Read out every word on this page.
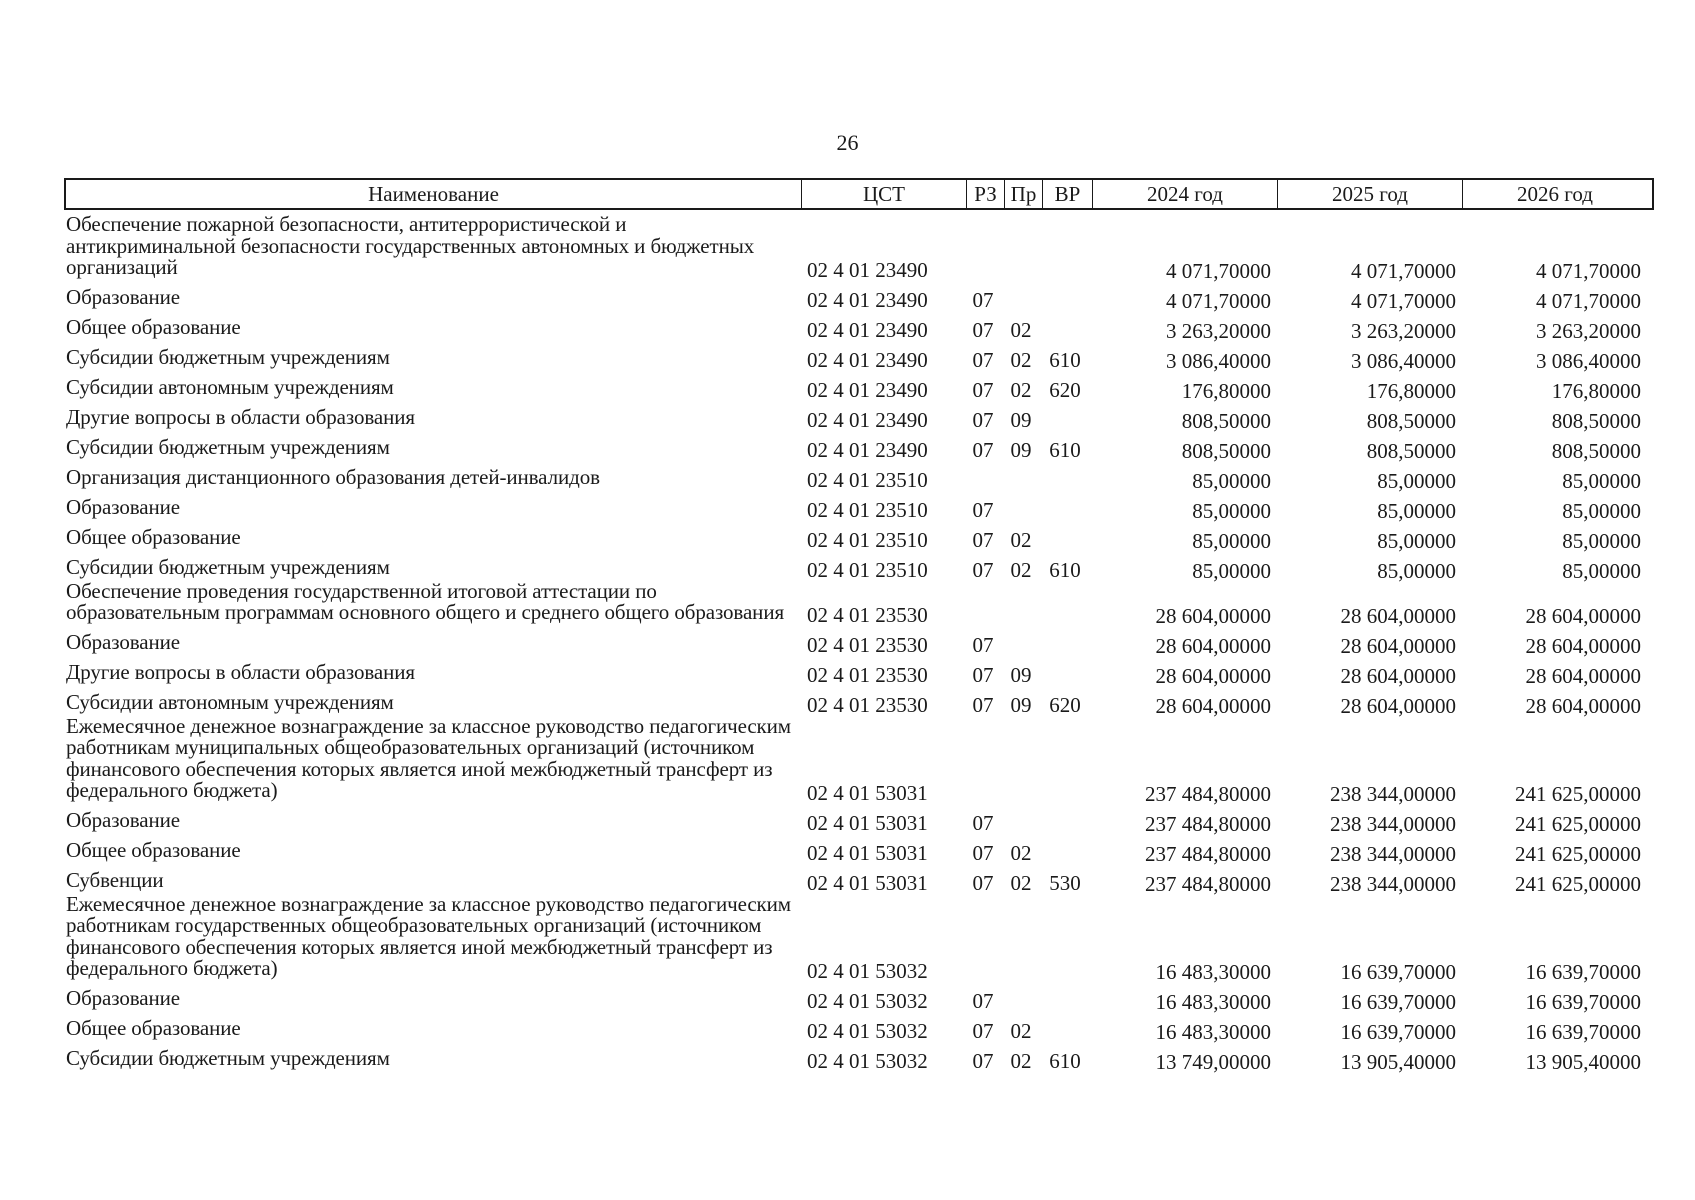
26
Наименование	ЦСТ	РЗ Пр ВР	2024 год	2025 год	2026 год
Обеспечение пожарной безопасности, антитеррористической и антикриминальной безопасности государственных автономных и бюджетных организаций	02 4 01 23490	4 071,70000	4 071,70000	4 071,70000
Образование	02 4 01 23490	07	4 071,70000	4 071,70000	4 071,70000
Общее образование	02 4 01 23490	07 02	3 263,20000	3 263,20000	3 263,20000
Субсидии бюджетным учреждениям	02 4 01 23490	07 02 610	3 086,40000	3 086,40000	3 086,40000
Субсидии автономным учреждениям	02 4 01 23490	07 02 620	176,80000	176,80000	176,80000
Другие вопросы в области образования	02 4 01 23490	07 09	808,50000	808,50000	808,50000
Субсидии бюджетным учреждениям	02 4 01 23490	07 09 610	808,50000	808,50000	808,50000
Организация дистанционного образования детей-инвалидов	02 4 01 23510	85,00000	85,00000	85,00000
Образование	02 4 01 23510	07	85,00000	85,00000	85,00000
Общее образование	02 4 01 23510	07 02	85,00000	85,00000	85,00000
Субсидии бюджетным учреждениям	02 4 01 23510	07 02 610	85,00000	85,00000	85,00000
Обеспечение проведения государственной итоговой аттестации по образовательным программам основного общего и среднего общего образования	02 4 01 23530	28 604,00000	28 604,00000	28 604,00000
Образование	02 4 01 23530	07	28 604,00000	28 604,00000	28 604,00000
Другие вопросы в области образования	02 4 01 23530	07 09	28 604,00000	28 604,00000	28 604,00000
Субсидии автономным учреждениям	02 4 01 23530	07 09 620	28 604,00000	28 604,00000	28 604,00000
Ежемесячное денежное вознаграждение за классное руководство педагогическим работникам муниципальных общеобразовательных организаций (источником финансового обеспечения которых является иной межбюджетный трансферт из федерального бюджета)	02 4 01 53031	237 484,80000	238 344,00000	241 625,00000
Образование	02 4 01 53031	07	237 484,80000	238 344,00000	241 625,00000
Общее образование	02 4 01 53031	07 02	237 484,80000	238 344,00000	241 625,00000
Субвенции	02 4 01 53031	07 02 530	237 484,80000	238 344,00000	241 625,00000
Ежемесячное денежное вознаграждение за классное руководство педагогическим работникам государственных общеобразовательных организаций (источником финансового обеспечения которых является иной межбюджетный трансферт из федерального бюджета)	02 4 01 53032	16 483,30000	16 639,70000	16 639,70000
Образование	02 4 01 53032	07	16 483,30000	16 639,70000	16 639,70000
Общее образование	02 4 01 53032	07 02	16 483,30000	16 639,70000	16 639,70000
Субсидии бюджетным учреждениям	02 4 01 53032	07 02 610	13 749,00000	13 905,40000	13 905,40000
